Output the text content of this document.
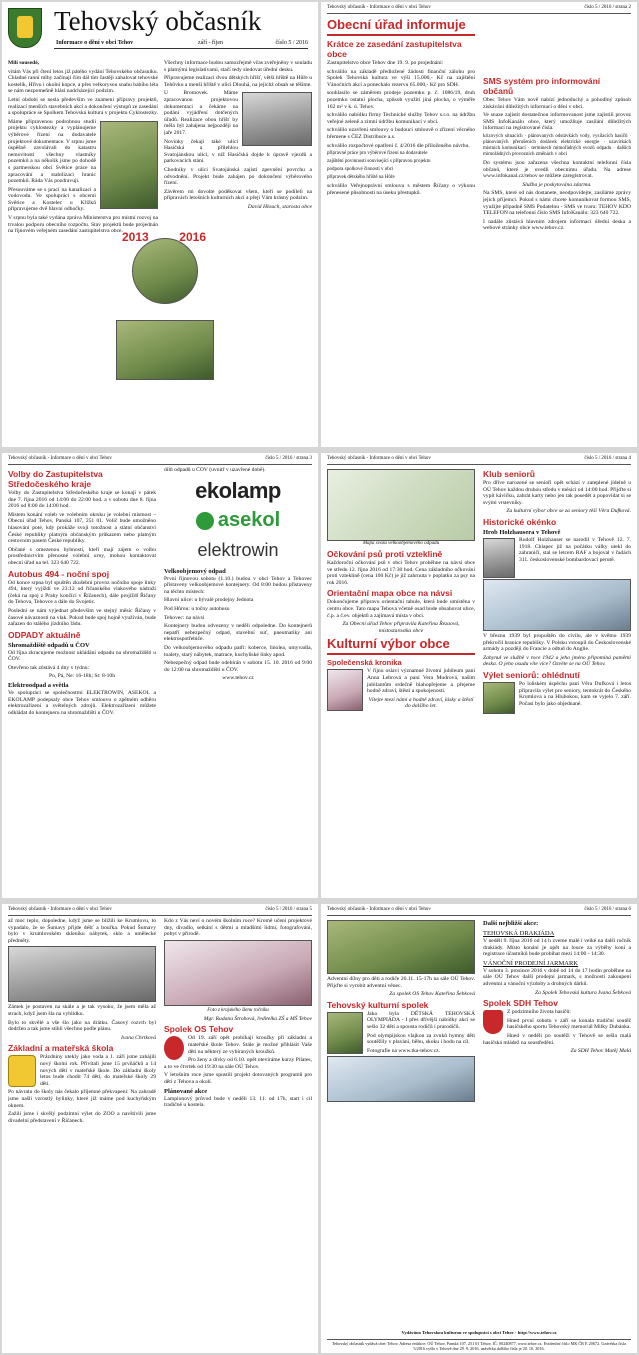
Tehovský občasník
Informace o dění v obci Tehov	září - říjen	číslo 5 / 2016

Milí sousedé,

vítám Vás při čtení letos již pátého vydání Tehovského občasníku. Chladné ranní mlhy začínají čím dál tím častěji zahalovat tehovské kostelík, Hřivu i okolní kopce, a přes velkorysou snahu babího léta se nám nezpomeňně hlásí nadcházející podzim.

Letní období se nesla především ve znamení přípravy projektů, realizací menších stavebních akcí a dokončení výstupů ze zasedání a spolupráce se Spolkem Tehovská kultura v projektu Cyklostezky.

Máme připravenou podrobnou studii projektu cyklostezky a vyplánujeme výběrové řízení na dodavatele projektové dokumentace. V srpnu jsme úspěšně zavolávali do katastru nemovitostí všechny vlastníky pozemků a na několik jsme po dohodě s partnerskou obcí Světice práce na zpracování a stabilizaci hranic pozemků. Ráda Vás pozdravuji.

Přesouváme se s prací na kanalizaci a vodovodu. Ve spolupráci s obcemi Světice a Kostelec u Křížků připravujeme dvě hlavní odbočky.

V srpnu byla také vydána zpráva Ministerstva pro místní rozvoj na trvalou podporu obecního rozpočtu. Stav projektů bude projednán na říjnovém veřejném zasedání zastupitelstva obce.

Všechny informace budou samozřejmě včas zveřejněny v souladu s platnými legislativami, stačí tedy sledovat úřední desku.

Připravujeme realizaci dvou dětských hřišť, větší hřiště na Hůře u Tehůvku a menší hřiště v ulici Dlouhá, na jejichž obsah se těšíme.

U Bromovek. Máme zpracovanou projektovou dokumentaci a čekáme na podání vyjádření dotčených úřadů. Realizace obou hřišť by měla být zahájena nejpozději na jaře 2017.

Novinky čekají také ulici Hasičská a přilehlou Svatojánskou ulici, v níž Hasičská dojde k úpravě vjezdů a parkovacích stání.

Chodníky v ulici Svatojánská zajistí zpevnění povrchu a odvodnění. Projekt bude zahájen po dokončení výběrového řízení.

Závěrem mi dovolte poděkovat všem, kteří se podíleli na přípravách letošních kulturních akcí a přejí Vám krásný podzim.

David Hlouch, starosta obce

2013	2016
Tehovský občasník - Informace o dění v obci Tehov	číslo 5 / 2016 / strana 2
Obecní úřad informuje
Krátce ze zasedání zastupitelstva obce

Zastupitelstvo obce Tehov dne 19. 9. po projednání:

schválilo na základě předložené žádosti finanční zálohu pro Spolek Tehovská kultura ve výši 15.000,- Kč na zajištění Vánočních akcí a ponechalo rezervu 65.000,- Kč pro SDH.

souhlasilo se záměrem prodeje pozemku p. č. 1086/19, druh pozemku ostatní plocha, způsob využití jiná plocha, o výměře 162 m² v k. ú. Tehov.

schválilo nabídku firmy Technické služby Tehov s.r.o. na údržbu veřejné zeleně a zimní údržbu komunikací v obci.

schválilo uzavření smlouvy o budoucí smlouvě o zřízení věcného břemene s ČEZ Distribuce a.s.

schválilo rozpočtové opatření č. 4/2016 dle přiloženého návrhu.

přípravné práce pro výběrové řízení na dodavatele

zajištění povinností související s přípravou projektu

podpora spolkové činnosti v obci

přípravek dětského hřiště na Hůře

schválilo Veřejnoprávní smlouvu s městem Říčany o výkonu přenesené působnosti na úseku přestupků.

SMS systém pro informování občanů

Obec Tehov Vám nově nabízí jednoduchý a pohodlný způsob získávání důležitých informací o dění v obci.

Ve snaze zajistit dostatečnou informovanost jsme zajistili provoz SMS InfoKanálu obce, který umožňuje zasílání důležitých informací na registrované čísla.

krizových situacích · plánovaných odstávkách vody, vysílacích hasičů · plánovaných přerušeních dodávek elektrické energie · uzavírkách místních komunikací · termínech mimořádných svozů odpadu · dalších mimořádných provozních změnách v obci

Do systému jsou zařazena všechna kontaktní telefonní čísla občanů, které je uvedli obecnímu úřadu. Na adrese www.infokanal.cz/tehov se můžete zaregistrovat.

Služba je poskytována zdarma.

Na SMS, které od nás dostanete, neodpovídejte, zasíláme zprávy jejich příjemci. Pokud s námi chcete komunikovat formou SMS, využijte případně SMS Podatelnu - SMS ve tvaru: TEHOV KDO TELEFON na telefonní číslo SMS InfoKanálu: 323 640 722.

I nadále zůstává hlavním zdrojem informací úřední deska a webové stránky obce www.tehov.cz.

Tehovský občasník - Informace o dění v obci Tehov	číslo 5 / 2016 / strana 3
Volby do Zastupitelstva Středočeského kraje

Volby do Zastupitelstva Středočeského kraje se konají v pátek dne 7. října 2016 od 14:00 do 22:00 hod. a v sobotu dne 8. října 2016 od 8:00 do 14:00 hod.

Místem konání voleb ve volebním okrsku je volební místnost – Obecní úřad Tehov, Panská 107, 251 01. Volič bude umožněno hlasování poté, kdy prokáže svoji totožnost a státní občanství České republiky platným občanským průkazem nebo platným cestovním pasem České republiky.

Občané s omezenou hybností, kteří mají zájem o volbu prostřednictvím přenosné volební urny, mohou kontaktovat obecní úřad na tel. 323 640 722.

Autobus 494 - noční spoj

Od konce srpna byl spuštěn zkušební provoz nočního spoje linky 494, který vyjíždí ve 23:12 od říčanského vlakového nádraží (čeká na spoj z Prahy končící v Říčanech), dále projíždí Říčany do Tehova, Tehovce a dále do Svojetic.

Poslední se nám vyjednat především ve stejný měsíc Říčany v časové návaznosti na vlak. Pokud bude spoj hojně využíván, bude zařazen do stálého jízdního řádu.

ODPADY aktuálně
Shromaždiště odpadů u ČOV

Od října zkracujeme možnost ukládání odpadu na shromaždišti u ČOV.

Otevřeno tak zůstává 4 dny v týdnu:

Po, Pá, Ne: 16-18h; St: 8-10h

Elektroodpad a světla

Ve spolupráci se společnostmi ELEKTROWIN, ASEKOL a EKOLAMP podepsaly obce Tehov smlouvu o zpětném odběru elektrozařízení a světelných zdrojů. Elektrozařízení můžete odkládat do kontejneru na shromaždišti u ČOV.

dílů odpadů u ČOV (uvnitř v uzavřené době).

ekolamp
asekol
elektrowin
Velkoobjemový odpad

První říjnovou sobotu (1.10.) budou v obci Tehov a Tehovec přistaveny velkoobjemové kontejnery. Od 8:00 budou přistaveny na těchto místech:

Hlavní ulice: u bývalé prodejny Jednota

Pod Hůrou: u točny autobusu

Tehovec: na návsi

Kontejnery budou odvezeny v neděli odpoledne. Do kontejnerů nepatří nebezpečný odpad, stavební suť, pneumatiky ani elektrospotřebiče.

Do velkoobjemového odpadu patří: koberce, linolea, umyvadla, toalety, starý nábytek, matrace, kuchyňské linky apod.

Nebezpečný odpad bude odebírán v sobotu 15. 10. 2016 od 9:00 do 12:00 na shromaždišti u ČOV.

www.tehov.cz

Tehovský občasník - Informace o dění v obci Tehov	číslo 5 / 2016 / strana 4

Mapa svozu velkoobjemového odpadu

Očkování psů proti vzteklině

Každoroční očkování psů v obci Tehov proběhne na návsi obce ve středu 12. října 2016 od 17:30 hod. Cena základního očkování proti vzteklině (cena 100 Kč) je již zahrnuta v poplatku za psy na rok 2016.

Orientační mapa obce na návsi

Dokončujeme přípravu orientační tabule, která bude umístěna v centru obce. Tato mapa Tehova včetně osad bude obsahovat ulice, č.p. a č.ev. objektů a zajímavá místa v obci.

Za Obecní úřad Tehov připravila Kateřina Řezaová, místostarostka obce

Kulturní výbor obce
Společenská kronika

V říjnu oslaví významné životní jubileum paní Anna Lebrová a paní Vera Mudrová, našim jubilantům srdečně blahopřejeme a přejeme hodně zdraví, štěstí a spokojenosti.

Vítejte mezi námi a hodně zdraví, lásky a štěstí do dalšího let.

Klub seniorů

Pro dříve narozené se senioři opět schází v zateplené jídelně u OÚ Tehov každou druhou středu v měsíci od 14:00 hod. Přijďte si vypít kávičku, zahrát karty nebo jen tak posedět a popovídat si se svými vrstevníky.

Za kulturní výbor obce se za seniory těší Věra Dufková.

Historické okénko
Hrob Holzhausera v Tehově

Rudolf Holzhauser se narodil v Tehově 12. 7. 1918. Chlapec již na počátku války utekl do zahraničí, stal se letcem RAF a bojoval v řadách 311. československé bombardovací perutě.

V březnu 1939 byl propuštěn do civilu, ale v květnu 1939 překročil hranice republiky. V Polsku vstoupil do Československé armády a později do Francie a odtud do Anglie.

Zahynul ve službě v roce 1942 a jeho jméno připomíná pamětní deska. O jeho osudu víte více? Ozvěte se na OÚ Tehov.

Výlet seniorů: ohlédnutí

Po loňském úspěchu paní Věra Dufková i letos připravila výlet pro seniory, tentokrát do Českého Krumlova a na Hlubokou, kam se vyjelo 7. září. Počasí bylo jako objednané.

Tehovský občasník - Informace o dění v obci Tehov	číslo 5 / 2016 / strana 5

až moc teplo, dopoledne, když jsme se blížili ke Krumlovu, to vypadalo, že se Šumavy přijde déšť a bouřka. Pokud Šumavy bylo v krumlovském skleníku nábytek, sklo a umělecké předměty.

Zámek je postaven na skále a je tak vysoko, že jsem měla až strach, když jsem šla na vyhlídku.

Bylo to skvělé a vše šlo jako na drátku. Časový rozvrh byl dodržen a tak jsme stihli všechno podle plánu.

Ivana Chrtková

Základní a mateřská škola

Prázdniny utekly jako voda a 1. září jsme zahájili nový školní rok. Přivítali jsme 15 prvňáčků a 14 nových dětí v mateřské škole. Do základní školy letos bude chodit 74 dětí, do mateřské školy 29 dětí.

Po návratu do školy nás čekalo příjemné překvapení: Na zahradě jsme našli vzrostlý bylinky, které již máme pod kuchyňským oknem.

Zažili jsme i skvělý podzimní výlet do ZOO a navštívili jsme divadelní představení v Říčanech.

Kdo z Vás neví o novém školním roce? Kromě učení projektové dny, divadlo, setkání s dětmi a mladšími lidmi, fotografování, pobyt v přírodě.

Foto z krajského šlenu ročníku

Mgr. Radana Štrobová, ředitelka ZŠ a MŠ Tehov

Spolek OS Tehov

Od 19. září opět probíhají kroužky při základní a mateřské škole Tehov. Stále je možné přihlásit Vaše děti na některý ze vybíraných kroužků.

Pro ženy a dívky od 6.10. opět otevíráme kurzy Pilates, a to ve čtvrtek od 19:30 na sále OÚ Tehov.

V letošním roce jsme spustili projekt dotovaných programů pro děti z Tehova a okolí.

Plánované akce

Lampionový průvod bude v neděli 13. 11. od 17h, start i cíl tradičně u kostela.

Tehovský občasník - Informace o dění v obci Tehov	číslo 5 / 2016 / strana 6

Adventní dílny pro děti a rodiče 26.11. 15-17h na sále OÚ Tehov. Přijďte si vyrobit adventní věnec.

Za spolek OS Tehov Kateřina Šebková

Tehovský kulturní spolek

Jako byla DĚTSKÁ TEHOVSKÁ OLYMPIÁDA - I přes dřívější nabídky akcí se sešlo 32 dětí a spousta rodičů i prarodičů.

Pod olympijskou vlajkou za zvuků hymny děti soutěžily v plavání, běhu, skoku i hodu na cíl.

Fotografie na www.tka-tehov.cz.

Další nejbližší akce:
TEHOVSKÁ DRAKIÁDA

V neděli 9. října 2016 od 14 h zveme malé i velké na další ročník drakiády. Místo konání je opět na louce za výběhy koní a registrace účastníků bude probíhat mezi 14:00 - 14:30.

VÁNOČNÍ PRODEJNÍ JARMARK

V sobotu 3. prosince 2016 v době od 14 do 17 hodin proběhne na sále OÚ Tehov další prodejní jarmark, s možností zakoupení adventní a vánoční výzdoby a drobných dárků.

Za Spolek Tehovská kultura Ivana Šebková

Spolek SDH Tehov

Z podzimního života hasičů:

Hned první sobotu v září se konala tradiční soutěž hasičského sportu Tehovský memoriál Milky Dubánka.

Hned v neděli po soutěži v Tehově se sešla malá hasičská mládež na soustředění.

Za SDH Tehov Matěj Malá

Vydáváno Tehovskou kulturou ve spolupráci s obcí Tehov · http://www.tehov.cz
Tehovský občasník vydává obec Tehov. Adresa redakce: OÚ Tehov, Panská 107, 251 01 Tehov, IČ: 00240877, www.tehov.cz. Evidenční číslo MK ČR E 20672. Uzávěrka čísla 5/2016 vyšlo v Tehově dne 29. 9. 2016, uzávěrka dalšího čísla je 20. 10. 2016.
